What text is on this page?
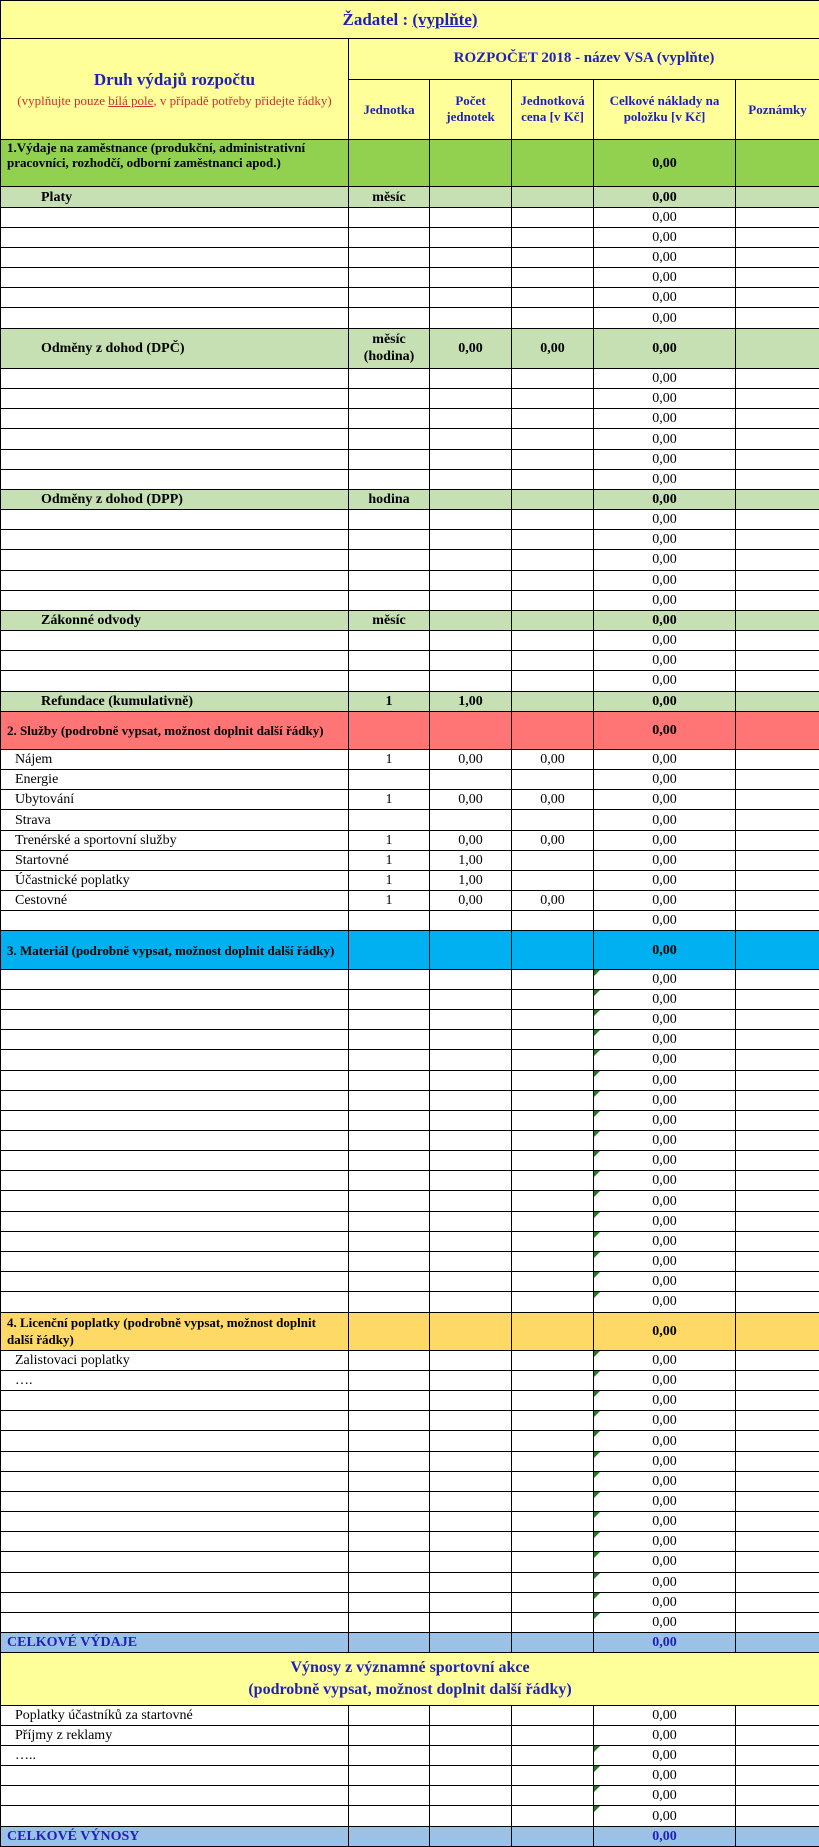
Žadatel : (vyplňte)					

Druh výdajů rozpočtu
(vyplňujte pouze bílá pole, v případě potřeby přidejte řádky)	ROZPOČET 2018 - název VSA (vyplňte)				
	Jednotka	Počet jednotek	Jednotková cena [v Kč]	Celkové náklady na položku [v Kč]	Poznámky
1.Výdaje na zaměstnance (produkční, administrativní pracovníci, rozhodčí, odborní zaměstnanci apod.)				0,00	
Platy	měsíc			0,00	
				0,00	
				0,00	
				0,00	
				0,00	
				0,00	
				0,00	
Odměny z dohod (DPČ)	měsíc (hodina)	0,00	0,00	0,00	
				0,00	
				0,00	
				0,00	
				0,00	
				0,00	
				0,00	
Odměny z dohod (DPP)	hodina			0,00	
				0,00	
				0,00	
				0,00	
				0,00	
				0,00	
Zákonné odvody	měsíc			0,00	
				0,00	
				0,00	
				0,00	
Refundace (kumulativně)	1	1,00		0,00	
2. Služby (podrobně vypsat, možnost doplnit další řádky)				0,00	
Nájem	1	0,00	0,00	0,00	
Energie				0,00	
Ubytování	1	0,00	0,00	0,00	
Strava				0,00	
Trenérské a sportovní služby	1	0,00	0,00	0,00	
Startovné	1	1,00		0,00	
Účastnické poplatky	1	1,00		0,00	
Cestovné	1	0,00	0,00	0,00	
				0,00	
3. Materiál (podrobně vypsat, možnost doplnit další řádky)				0,00	
				0,00	
				0,00	
				0,00	
				0,00	
				0,00	
				0,00	
				0,00	
				0,00	
				0,00	
				0,00	
				0,00	
				0,00	
				0,00	
				0,00	
				0,00	
				0,00	
				0,00	
4. Licenční poplatky (podrobně vypsat, možnost doplnit další řádky)				0,00	
Zalistovaci poplatky				0,00	
….				0,00	
				0,00	
				0,00	
				0,00	
				0,00	
				0,00	
				0,00	
				0,00	
				0,00	
				0,00	
				0,00	
				0,00	
				0,00	
CELKOVÉ VÝDAJE				0,00	

Výnosy z významné sportovní akce
(podrobně vypsat, možnost doplnit další řádky)					

Poplatky účastníků za startovné				0,00	
Příjmy z reklamy				0,00	
…..				0,00	
				0,00	
				0,00	
				0,00	
CELKOVÉ VÝNOSY				0,00	
